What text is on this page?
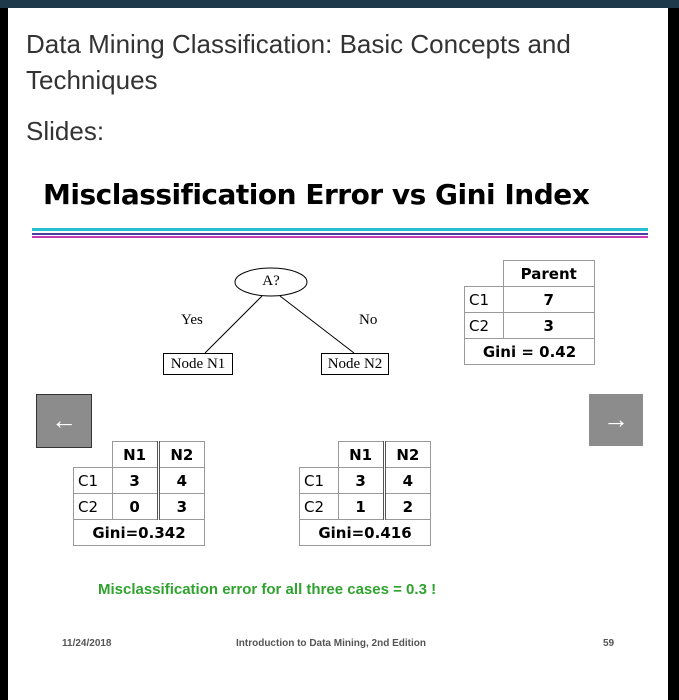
Data Mining Classification: Basic Concepts and Techniques
Slides:
Misclassification Error vs Gini Index
A?
Yes	No
Node N1	Node N2
	Parent
C1	7
C2	3
Gini = 0.42	
	N1	N2
C1	3	4
C2	0	3
Gini=0.342		
	N1	N2
C1	3	4
C2	1	2
Gini=0.416		
←	→
Misclassification error for all three cases = 0.3 !
11/24/2018	Introduction to Data Mining, 2nd Edition	59
